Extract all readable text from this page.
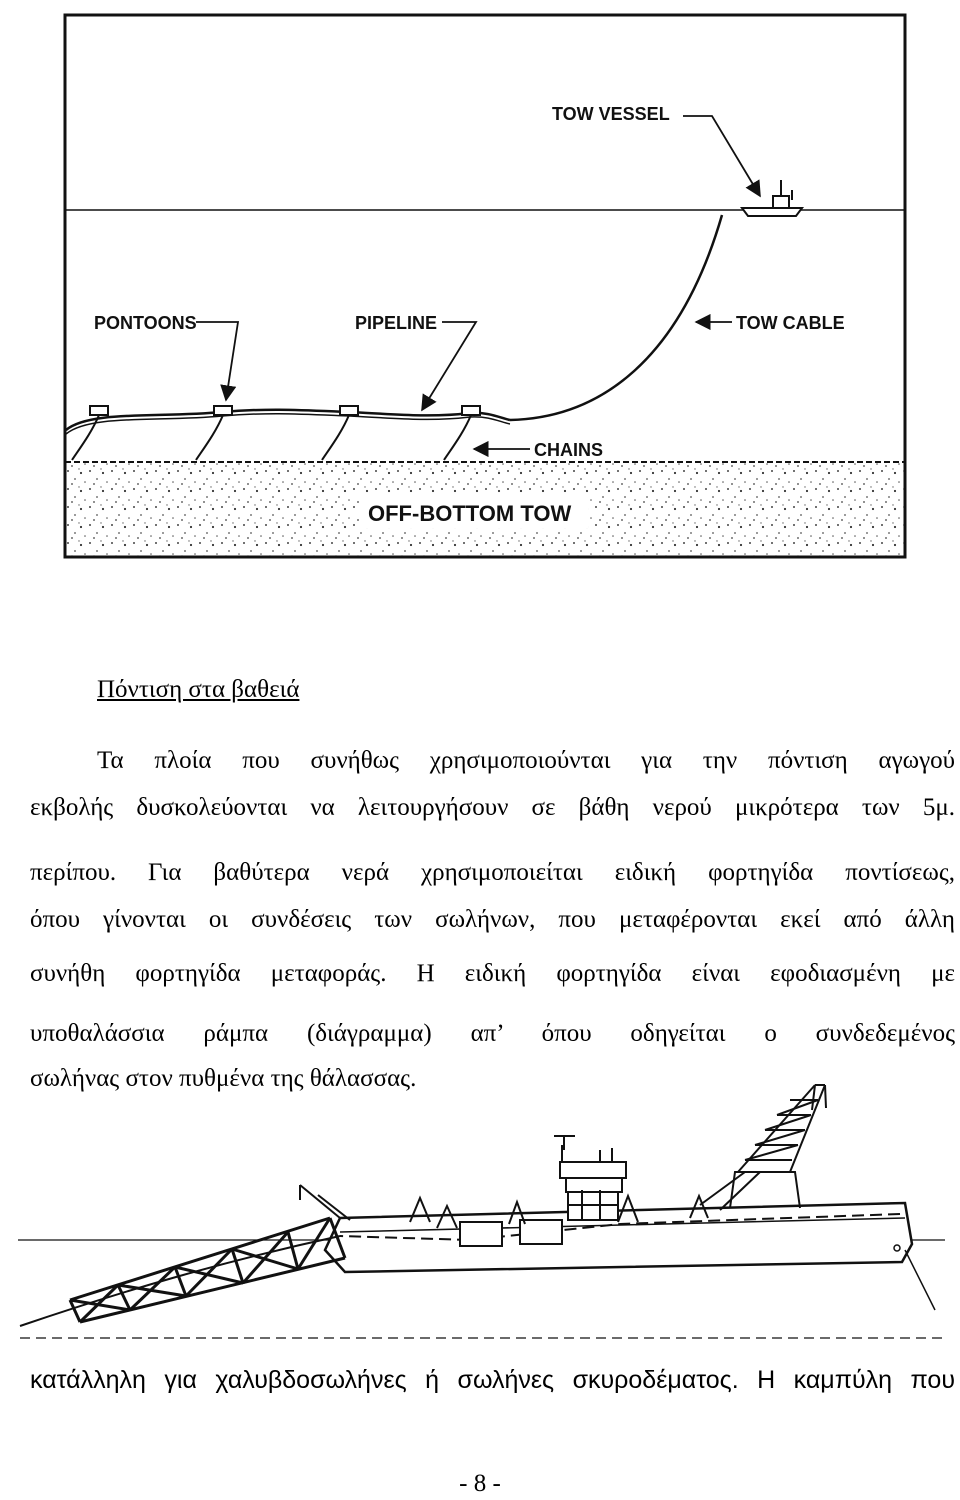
TOW VESSEL
PONTOONS	PIPELINE	TOW CABLE
CHAINS
OFF-BOTTOM TOW
Πόντιση στα βαθειά
Τα πλοία που συνήθως χρησιμοποιούνται για την πόντιση αγωγού
εκβολής δυσκολεύονται να λειτουργήσουν σε βάθη νερού μικρότερα των 5μ.
περίπου. Για βαθύτερα νερά χρησιμοποιείται ειδική φορτηγίδα ποντίσεως,
όπου γίνονται οι συνδέσεις των σωλήνων, που μεταφέρονται εκεί από άλλη
συνήθη φορτηγίδα μεταφοράς. Η ειδική φορτηγίδα είναι εφοδιασμένη με
υποθαλάσσια ράμπα (διάγραμμα) απ’ όπου οδηγείται ο συνδεδεμένος
σωλήνας στον πυθμένα της θάλασσας.
κατάλληλη για χαλυβδοσωλήνες ή σωλήνες σκυροδέματος. Η καμπύλη που
- 8 -
